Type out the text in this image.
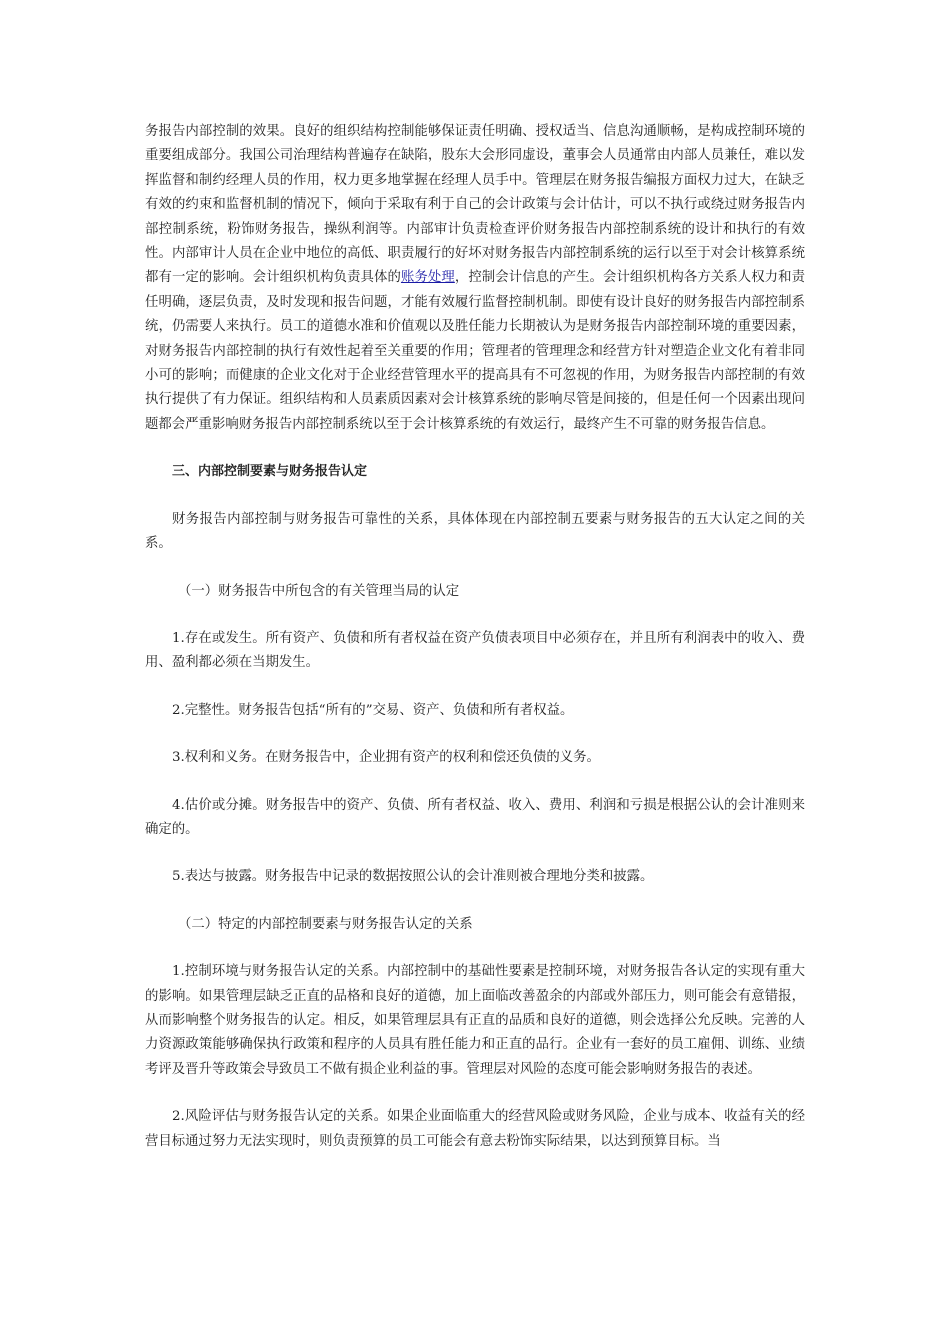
务报告内部控制的效果。良好的组织结构控制能够保证责任明确、授权适当、信息沟通顺畅，是构成控制环境的重要组成部分。我国公司治理结构普遍存在缺陷，股东大会形同虚设，董事会人员通常由内部人员兼任，难以发挥监督和制约经理人员的作用，权力更多地掌握在经理人员手中。管理层在财务报告编报方面权力过大，在缺乏有效的约束和监督机制的情况下，倾向于采取有利于自己的会计政策与会计估计，可以不执行或绕过财务报告内部控制系统，粉饰财务报告，操纵利润等。内部审计负责检查评价财务报告内部控制系统的设计和执行的有效性。内部审计人员在企业中地位的高低、职责履行的好坏对财务报告内部控制系统的运行以至于对会计核算系统都有一定的影响。会计组织机构负责具体的账务处理，控制会计信息的产生。会计组织机构各方关系人权力和责任明确，逐层负责，及时发现和报告问题，才能有效履行监督控制机制。即使有设计良好的财务报告内部控制系统，仍需要人来执行。员工的道德水准和价值观以及胜任能力长期被认为是财务报告内部控制环境的重要因素，对财务报告内部控制的执行有效性起着至关重要的作用；管理者的管理理念和经营方针对塑造企业文化有着非同小可的影响；而健康的企业文化对于企业经营管理水平的提高具有不可忽视的作用，为财务报告内部控制的有效执行提供了有力保证。组织结构和人员素质因素对会计核算系统的影响尽管是间接的，但是任何一个因素出现问题都会严重影响财务报告内部控制系统以至于会计核算系统的有效运行，最终产生不可靠的财务报告信息。

三、内部控制要素与财务报告认定

财务报告内部控制与财务报告可靠性的关系，具体体现在内部控制五要素与财务报告的五大认定之间的关系。

（一）财务报告中所包含的有关管理当局的认定

1.存在或发生。所有资产、负债和所有者权益在资产负债表项目中必须存在，并且所有利润表中的收入、费用、盈利都必须在当期发生。

2.完整性。财务报告包括“所有的”交易、资产、负债和所有者权益。

3.权利和义务。在财务报告中，企业拥有资产的权利和偿还负债的义务。

4.估价或分摊。财务报告中的资产、负债、所有者权益、收入、费用、利润和亏损是根据公认的会计准则来确定的。

5.表达与披露。财务报告中记录的数据按照公认的会计准则被合理地分类和披露。

（二）特定的内部控制要素与财务报告认定的关系

1.控制环境与财务报告认定的关系。内部控制中的基础性要素是控制环境，对财务报告各认定的实现有重大的影响。如果管理层缺乏正直的品格和良好的道德，加上面临改善盈余的内部或外部压力，则可能会有意错报，从而影响整个财务报告的认定。相反，如果管理层具有正直的品质和良好的道德，则会选择公允反映。完善的人力资源政策能够确保执行政策和程序的人员具有胜任能力和正直的品行。企业有一套好的员工雇佣、训练、业绩考评及晋升等政策会导致员工不做有损企业利益的事。管理层对风险的态度可能会影响财务报告的表述。

2.风险评估与财务报告认定的关系。如果企业面临重大的经营风险或财务风险，企业与成本、收益有关的经营目标通过努力无法实现时，则负责预算的员工可能会有意去粉饰实际结果，以达到预算目标。当
